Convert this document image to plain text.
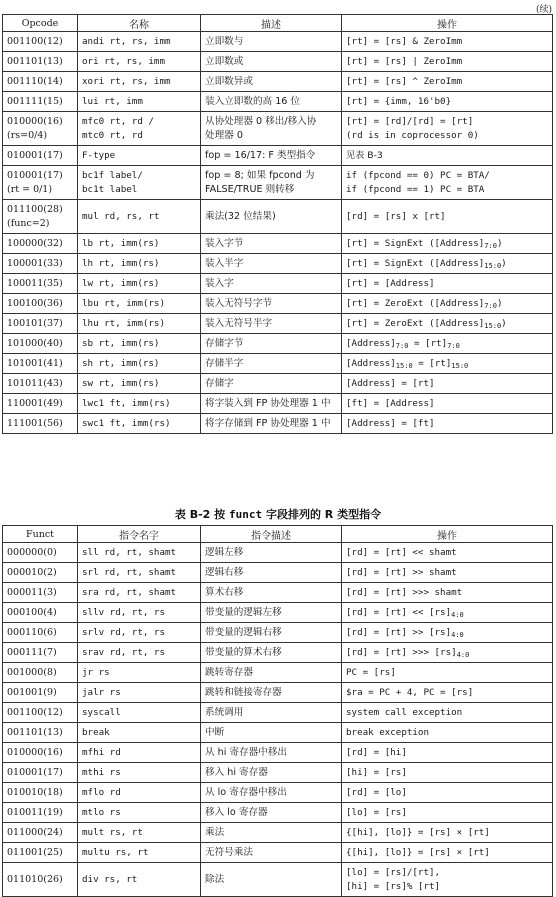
(续)
Opcode	名称	描述	操作

001100(12)	andi rt, rs, imm	立即数与	[rt] = [rs] & ZeroImm

001101(13)	ori rt, rs, imm	立即数或	[rt] = [rs] | ZeroImm

001110(14)	xori rt, rs, imm	立即数异或	[rt] = [rs] ^ ZeroImm

001111(15)	lui rt, imm	装入立即数的高 16 位	[rt] = {imm, 16'b0}

010000(16)
(rs=0/4)	mfc0 rt, rd /
mtc0 rt, rd	从协处理器 0 移出/移入协
处理器 0	[rt] = [rd]/[rd] = [rt]
(rd is in coprocessor 0)

010001(17)	F-type	fop = 16/17: F 类型指令	见表 B-3

010001(17)
(rt = 0/1)	bc1f label/
bc1t label	fop = 8; 如果 fpcond 为
FALSE/TRUE 则转移	if (fpcond == 0) PC = BTA/
if (fpcond == 1) PC = BTA

011100(28)
(func=2)	mul rd, rs, rt	乘法(32 位结果)	[rd] = [rs] x [rt]

100000(32)	lb rt, imm(rs)	装入字节	[rt] = SignExt $([Address]_{7:0})$

100001(33)	lh rt, imm(rs)	装入半字	[rt] = SignExt $([Address]_{15:0})$

100011(35)	lw rt, imm(rs)	装入字	[rt] = [Address]

100100(36)	lbu rt, imm(rs)	装入无符号字节	[rt] = ZeroExt $([Address]_{7:0})$

100101(37)	lhu rt, imm(rs)	装入无符号半字	[rt] = ZeroExt $([Address]_{15:0})$

101000(40)	sb rt, imm(rs)	存储字节	$[Address]_{7:0} = [rt]_{7:0}$

101001(41)	sh rt, imm(rs)	存储半字	$[Address]_{15:0} = [rt]_{15:0}$

101011(43)	sw rt, imm(rs)	存储字	[Address] = [rt]

110001(49)	lwc1 ft, imm(rs)	将字装入到 FP 协处理器 1 中	[ft] = [Address]

111001(56)	swc1 ft, imm(rs)	将字存储到 FP 协处理器 1 中	[Address] = [ft]
表 B-2 按 funct 字段排列的 R 类型指令
Funct	指令名字	指令描述	操作

000000(0)	sll rd, rt, shamt	逻辑左移	[rd] = [rt] << shamt

000010(2)	srl rd, rt, shamt	逻辑右移	[rd] = [rt] >> shamt

000011(3)	sra rd, rt, shamt	算术右移	[rd] = [rt] >>> shamt

000100(4)	sllv rd, rt, rs	带变量的逻辑左移	$[rd] = [rt] << [rs]_{4:0}$

000110(6)	srlv rd, rt, rs	带变量的逻辑右移	$[rd] = [rt] >> [rs]_{4:0}$

000111(7)	srav rd, rt, rs	带变量的算术右移	[rd] = [rt] >>> $[rs]_{4:0}$

001000(8)	jr rs	跳转寄存器	PC = [rs]

001001(9)	jalr rs	跳转和链接寄存器	$ra = PC + 4, PC = [rs]

001100(12)	syscall	系统调用	system call exception

001101(13)	break	中断	break exception

010000(16)	mfhi rd	从 hi 寄存器中移出	[rd] = [hi]

010001(17)	mthi rs	移入 hi 寄存器	[hi] = [rs]

010010(18)	mflo rd	从 lo 寄存器中移出	[rd] = [lo]

010011(19)	mtlo rs	移入 lo 寄存器	[lo] = [rs]

011000(24)	mult rs, rt	乘法	{[hi], [lo]} = [rs] × [rt]

011001(25)	multu rs, rt	无符号乘法	{[hi], [lo]} = [rs] × [rt]

011010(26)	div rs, rt	除法	[lo] = [rs]/[rt],
[hi] = [rs]% [rt]
